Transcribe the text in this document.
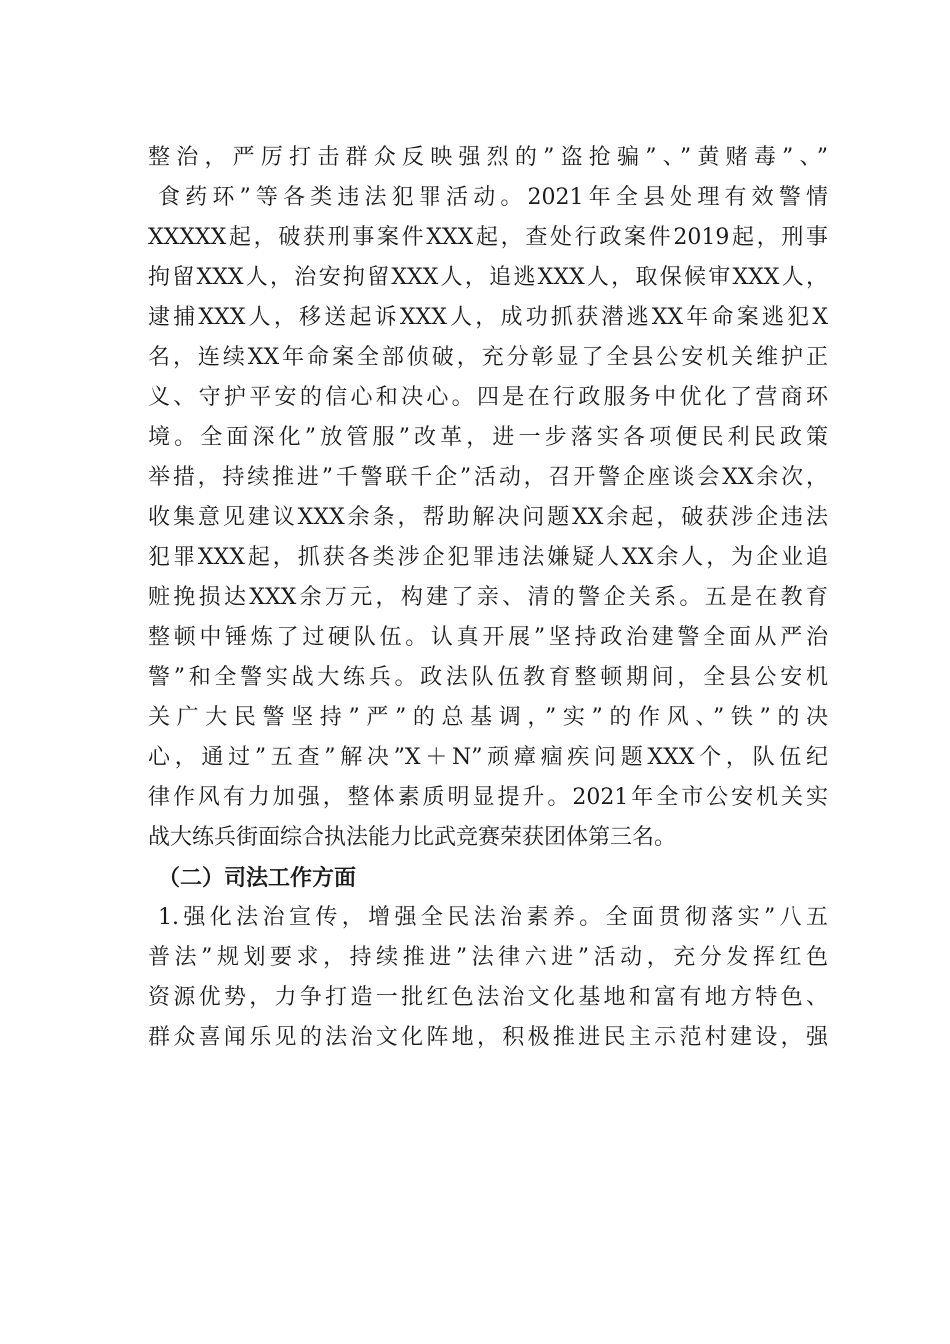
整治，严厉打击群众反映强烈的”盗抢骗”、”黄赌毒”、”
食药环”等各类违法犯罪活动。2021年全县处理有效警情
XXXXX起，破获刑事案件XXX起，查处行政案件2019起，刑事
拘留XXX人，治安拘留XXX人，追逃XXX人，取保候审XXX人，
逮捕XXX人，移送起诉XXX人，成功抓获潜逃XX年命案逃犯X
名，连续XX年命案全部侦破，充分彰显了全县公安机关维护正
义、守护平安的信心和决心。四是在行政服务中优化了营商环
境。全面深化”放管服”改革，进一步落实各项便民利民政策
举措，持续推进”千警联千企”活动，召开警企座谈会XX余次，
收集意见建议XXX余条，帮助解决问题XX余起，破获涉企违法
犯罪XXX起，抓获各类涉企犯罪违法嫌疑人XX余人，为企业追
赃挽损达XXX余万元，构建了亲、清的警企关系。五是在教育
整顿中锤炼了过硬队伍。认真开展”坚持政治建警全面从严治
警”和全警实战大练兵。政法队伍教育整顿期间，全县公安机
关广大民警坚持”严”的总基调，”实”的作风、”铁”的决
心，通过”五查”解决”X＋N”顽瘴痼疾问题XXX个，队伍纪
律作风有力加强，整体素质明显提升。2021年全市公安机关实
战大练兵街面综合执法能力比武竞赛荣获团体第三名。
（二）司法工作方面
1.强化法治宣传，增强全民法治素养。全面贯彻落实”八五
普法”规划要求，持续推进”法律六进”活动，充分发挥红色
资源优势，力争打造一批红色法治文化基地和富有地方特色、
群众喜闻乐见的法治文化阵地，积极推进民主示范村建设，强
